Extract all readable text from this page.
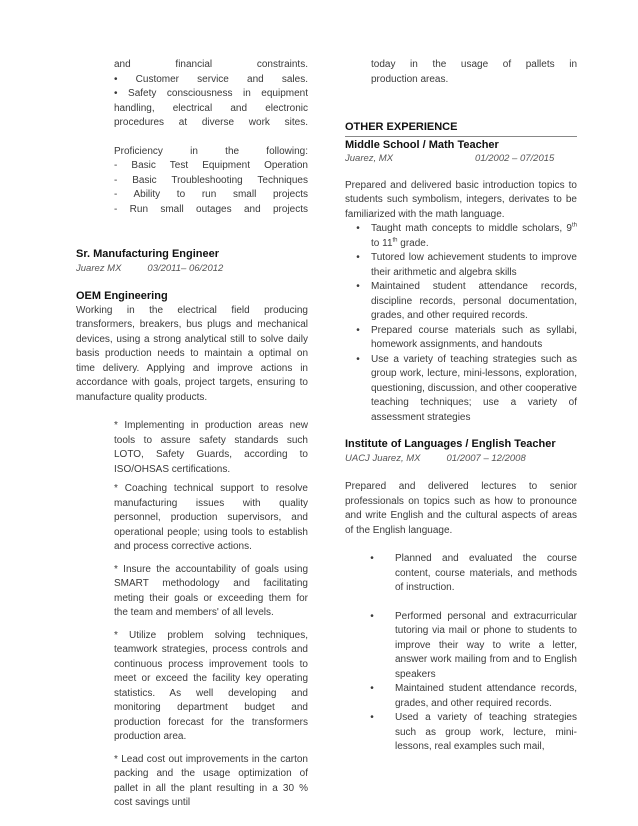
and financial constraints.
• Customer service and sales.
• Safety consciousness in equipment
handling, electrical and electronic
procedures at diverse work sites.
Proficiency in the following:
- Basic Test Equipment Operation
- Basic Troubleshooting Techniques
- Ability to run small projects
- Run small outages and projects
Sr. Manufacturing Engineer
Juarez MX	03/2011– 06/2012
OEM Engineering

Working in the electrical field producing transformers, breakers, bus plugs and mechanical devices, using a strong analytical still to solve daily basis production needs to maintain a optimal on time delivery. Applying and improve actions in accordance with goals, project targets, ensuring to manufacture quality products.

* Implementing in production areas new tools to assure safety standards such LOTO, Safety Guards, according to ISO/OHSAS certifications.

* Coaching technical support to resolve manufacturing issues with quality personnel, production supervisors, and operational people; using tools to establish and process corrective actions.

* Insure the accountability of goals using SMART methodology and facilitating meting their goals or exceeding them for the team and members' of all levels.

* Utilize problem solving techniques, teamwork strategies, process controls and continuous process improvement tools to meet or exceed the facility key operating statistics. As well developing and monitoring department budget and production forecast for the transformers production area.

* Lead cost out improvements in the carton packing and the usage optimization of pallet in all the plant resulting in a 30 % cost savings until

today in the usage of pallets in
production areas.
OTHER EXPERIENCE
Middle School / Math Teacher
Juarez, MX	01/2002 – 07/2015

Prepared and delivered basic introduction topics to students such symbolism, integers, derivates to be familiarized with the math language.

•	Taught math concepts to middle scholars, 9th to 11th grade.
•	Tutored low achievement students to improve their arithmetic and algebra skills
•	Maintained student attendance records, discipline records, personal documentation, grades, and other required records.
•	Prepared course materials such as syllabi, homework assignments, and handouts
•	Use a variety of teaching strategies such as group work, lecture, mini-lessons, exploration, questioning, discussion, and other cooperative teaching techniques; use a variety of assessment strategies
Institute of Languages / English Teacher
UACJ Juarez, MX	01/2007 – 12/2008

Prepared and delivered lectures to senior professionals on topics such as how to pronounce and write English and the cultural aspects of areas of the English language.

•	Planned and evaluated the course content, course materials, and methods of instruction.
•	Performed personal and extracurricular tutoring via mail or phone to students to improve their way to write a letter, answer work mailing from and to English speakers
•	Maintained student attendance records, grades, and other required records.
•	Used a variety of teaching strategies such as group work, lecture, mini-lessons, real examples such mail,
